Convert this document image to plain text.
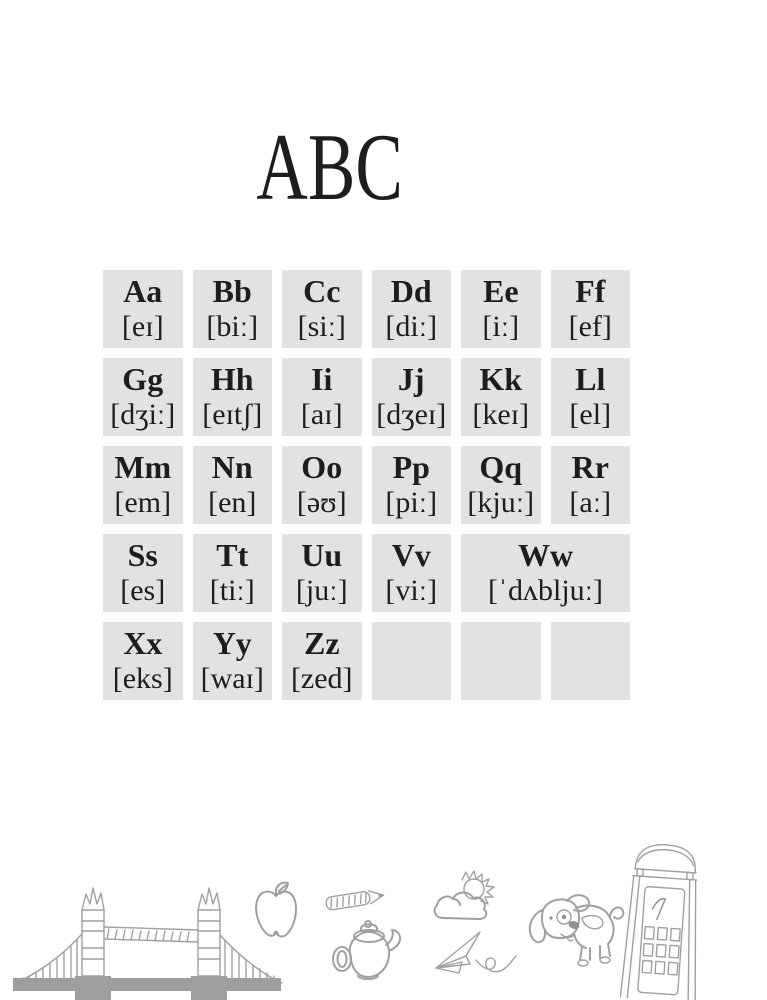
ABC
Aa
[eɪ]
Bb
[biː]
Cc
[siː]
Dd
[diː]
Ee
[iː]
Ff
[ef]
Gg
[dʒiː]
Hh
[eɪtʃ]
Ii
[aɪ]
Jj
[dʒeɪ]
Kk
[keɪ]
Ll
[el]
Mm
[em]
Nn
[en]
Oo
[əʊ]
Pp
[piː]
Qq
[kjuː]
Rr
[aː]
Ss
[es]
Tt
[tiː]
Uu
[juː]
Vv
[viː]
Ww
[ˈdʌbljuː]
Xx
[eks]
Yy
[waɪ]
Zz
[zed]
